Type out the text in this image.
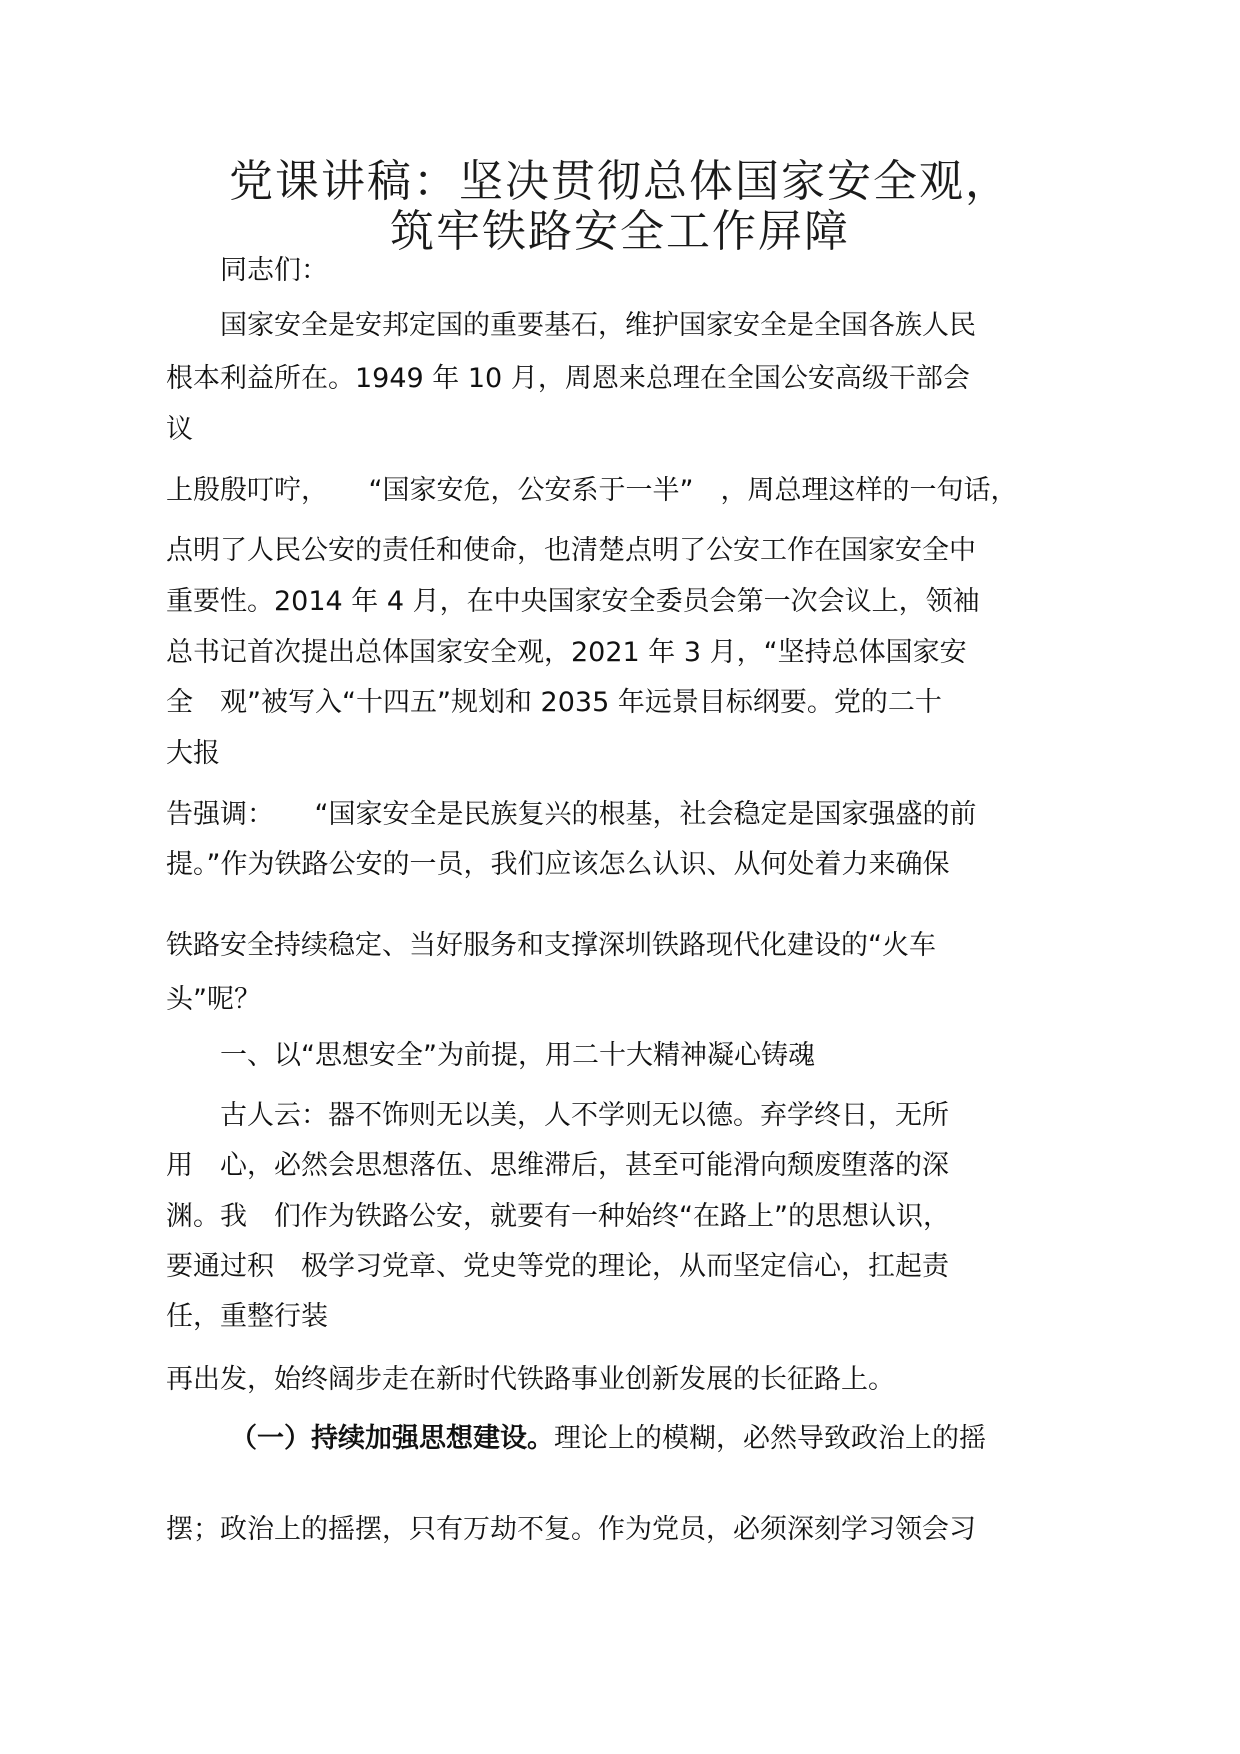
党课讲稿：坚决贯彻总体国家安全观，
筑牢铁路安全工作屏障
同志们：
国家安全是安邦定国的重要基石，维护国家安全是全国各族人民
根本利益所在。1949 年 10 月，周恩来总理在全国公安高级干部会
议
上殷殷叮咛，　　“国家安危，公安系于一半”　，周总理这样的一句话，
点明了人民公安的责任和使命，也清楚点明了公安工作在国家安全中
重要性。2014 年 4 月，在中央国家安全委员会第一次会议上，领袖
总书记首次提出总体国家安全观，2021 年 3 月，“坚持总体国家安
全　观”被写入“十四五”规划和 2035 年远景目标纲要。党的二十
大报
告强调：　　“国家安全是民族复兴的根基，社会稳定是国家强盛的前
提。”作为铁路公安的一员，我们应该怎么认识、从何处着力来确保
铁路安全持续稳定、当好服务和支撑深圳铁路现代化建设的“火车
头”呢？
一、以“思想安全”为前提，用二十大精神凝心铸魂
古人云：器不饰则无以美，人不学则无以德。弃学终日，无所
用　心，必然会思想落伍、思维滞后，甚至可能滑向颓废堕落的深
渊。我　们作为铁路公安，就要有一种始终“在路上”的思想认识，
要通过积　极学习党章、党史等党的理论，从而坚定信心，扛起责
任，重整行装
再出发，始终阔步走在新时代铁路事业创新发展的长征路上。
（一）持续加强思想建设。理论上的模糊，必然导致政治上的摇
摆；政治上的摇摆，只有万劫不复。作为党员，必须深刻学习领会习
